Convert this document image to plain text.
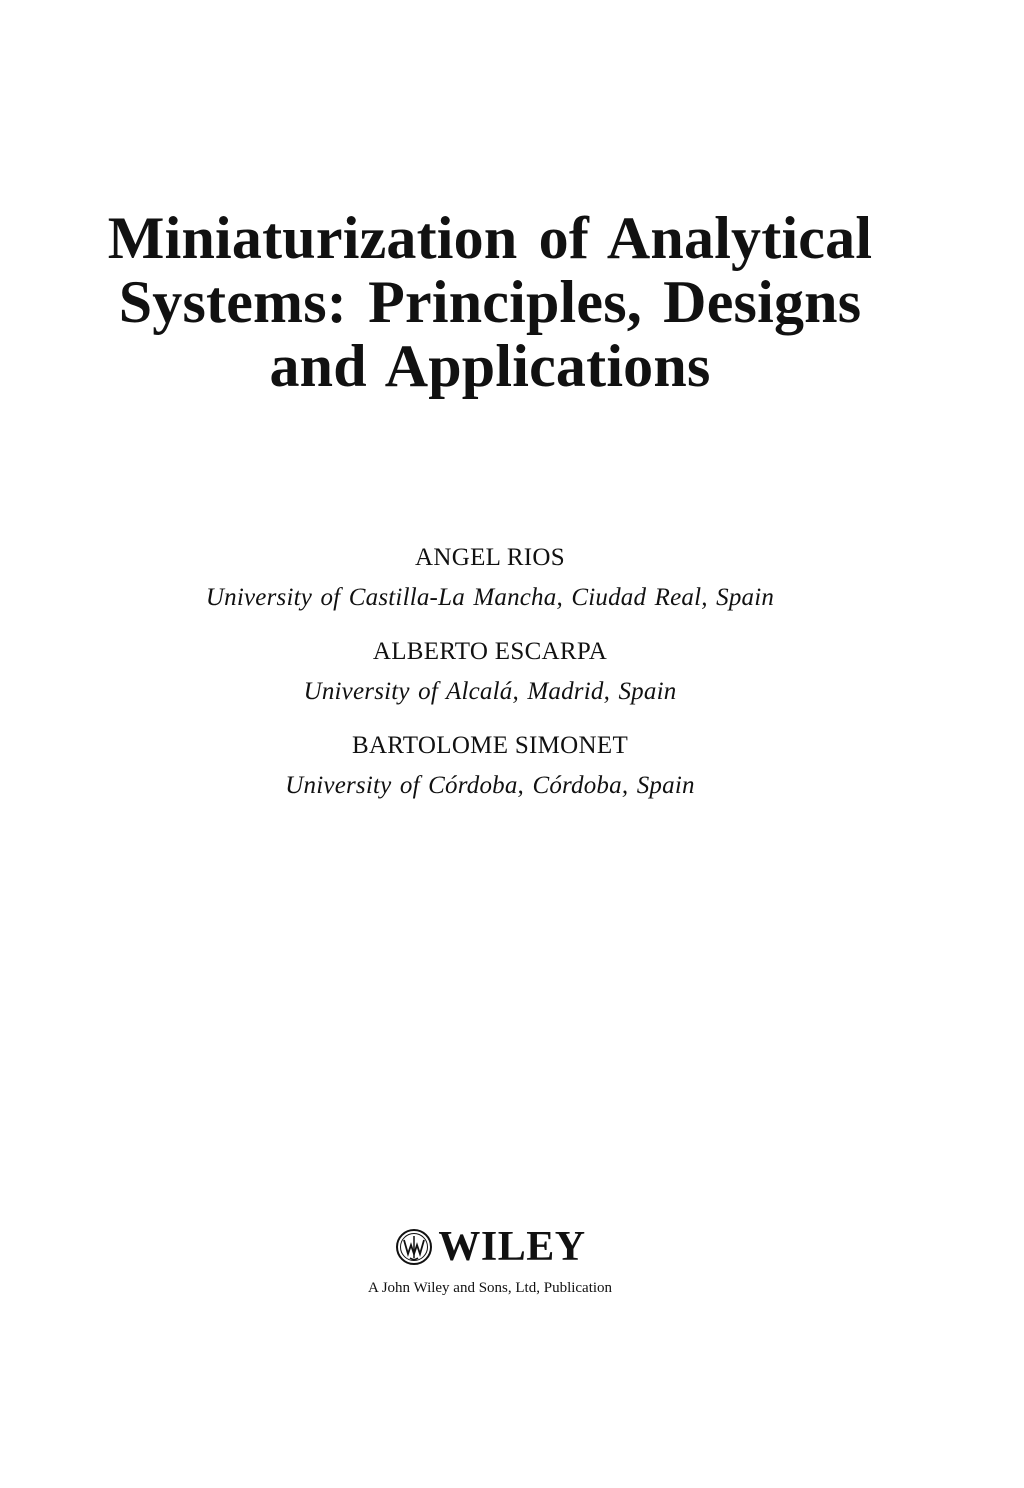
Miniaturization of Analytical
Systems: Principles, Designs
and Applications
ANGEL RIOS
University of Castilla-La Mancha, Ciudad Real, Spain
ALBERTO ESCARPA
University of Alcalá, Madrid, Spain
BARTOLOME SIMONET
University of Córdoba, Córdoba, Spain
WILEY
A John Wiley and Sons, Ltd, Publication
